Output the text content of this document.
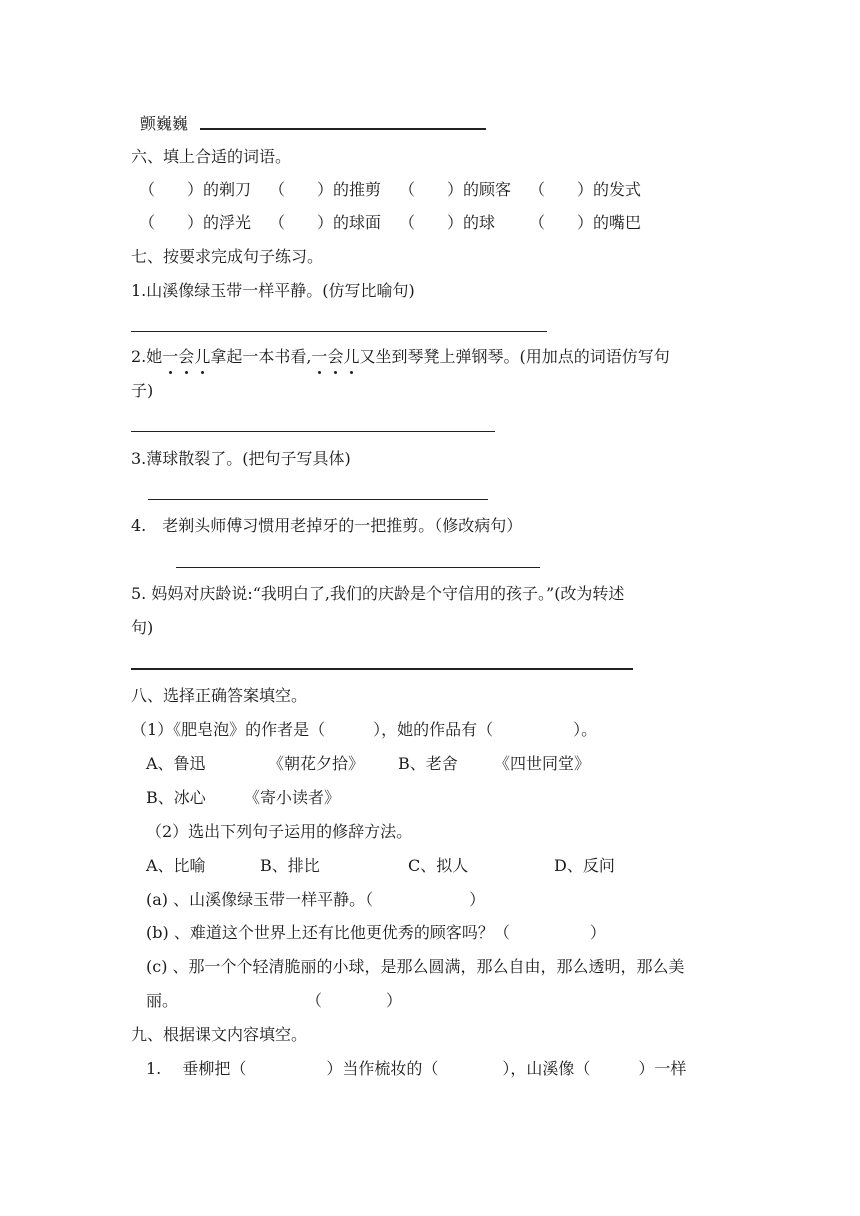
颤巍巍
六、填上合适的词语。
（　　）的剃刀 （　　）的推剪 （　　）的顾客 （　　）的发式
（　　）的浮光 （　　）的球面 （　　）的球 （　　）的嘴巴
七、按要求完成句子练习。
1.山溪像绿玉带一样平静。(仿写比喻句)
2.她一会儿拿起一本书看,一会儿又坐到琴凳上弹钢琴。(用加点的词语仿写句
子)
3.薄球散裂了。(把句子写具体)
4.　老剃头师傅习惯用老掉牙的一把推剪。（修改病句）
5. 妈妈对庆龄说:“我明白了,我们的庆龄是个守信用的孩子。”(改为转述
句)
八、选择正确答案填空。
（1）《肥皂泡》的作者是（　　　），她的作品有（　　　　　）。
A、鲁迅	《朝花夕拾》 B、老舍 《四世同堂》
B、冰心 《寄小读者》
（2）选出下列句子运用的修辞方法。
A、比喻	B、排比	C、拟人	D、反问
(a) 、山溪像绿玉带一样平静。（　　　　　　）
(b) 、难道这个世界上还有比他更优秀的顾客吗？（　　　　　）
(c) 、那一个个轻清脆丽的小球，是那么圆满，那么自由，那么透明，那么美
丽。	（　　　　）
九、根据课文内容填空。
1.　 垂柳把（　　　　　）当作梳妆的（　　　　），山溪像（　　　）一样
